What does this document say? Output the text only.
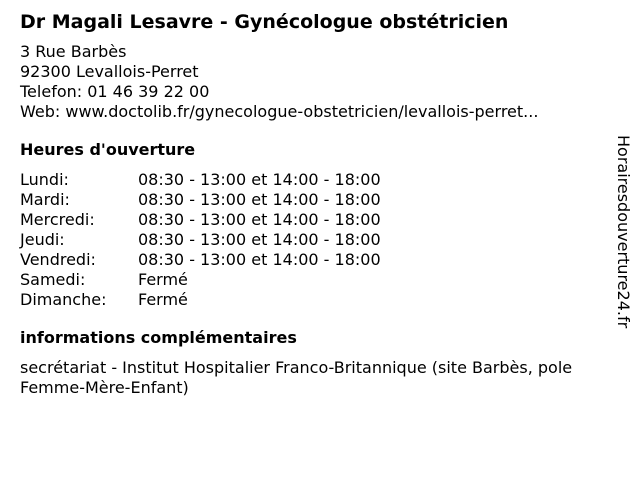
Dr Magali Lesavre - Gynécologue obstétricien
3 Rue Barbès
92300 Levallois-Perret
Telefon: 01 46 39 22 00
Web: www.doctolib.fr/gynecologue-obstetricien/levallois-perret...
Heures d'ouverture
Lundi:	08:30 - 13:00 et 14:00 - 18:00
Mardi:	08:30 - 13:00 et 14:00 - 18:00
Mercredi:	08:30 - 13:00 et 14:00 - 18:00
Jeudi:	08:30 - 13:00 et 14:00 - 18:00
Vendredi:	08:30 - 13:00 et 14:00 - 18:00
Samedi:	Fermé
Dimanche:	Fermé
informations complémentaires
secrétariat - Institut Hospitalier Franco-Britannique (site Barbès, pole Femme-Mère-Enfant)
Horairesdouverture24.fr
